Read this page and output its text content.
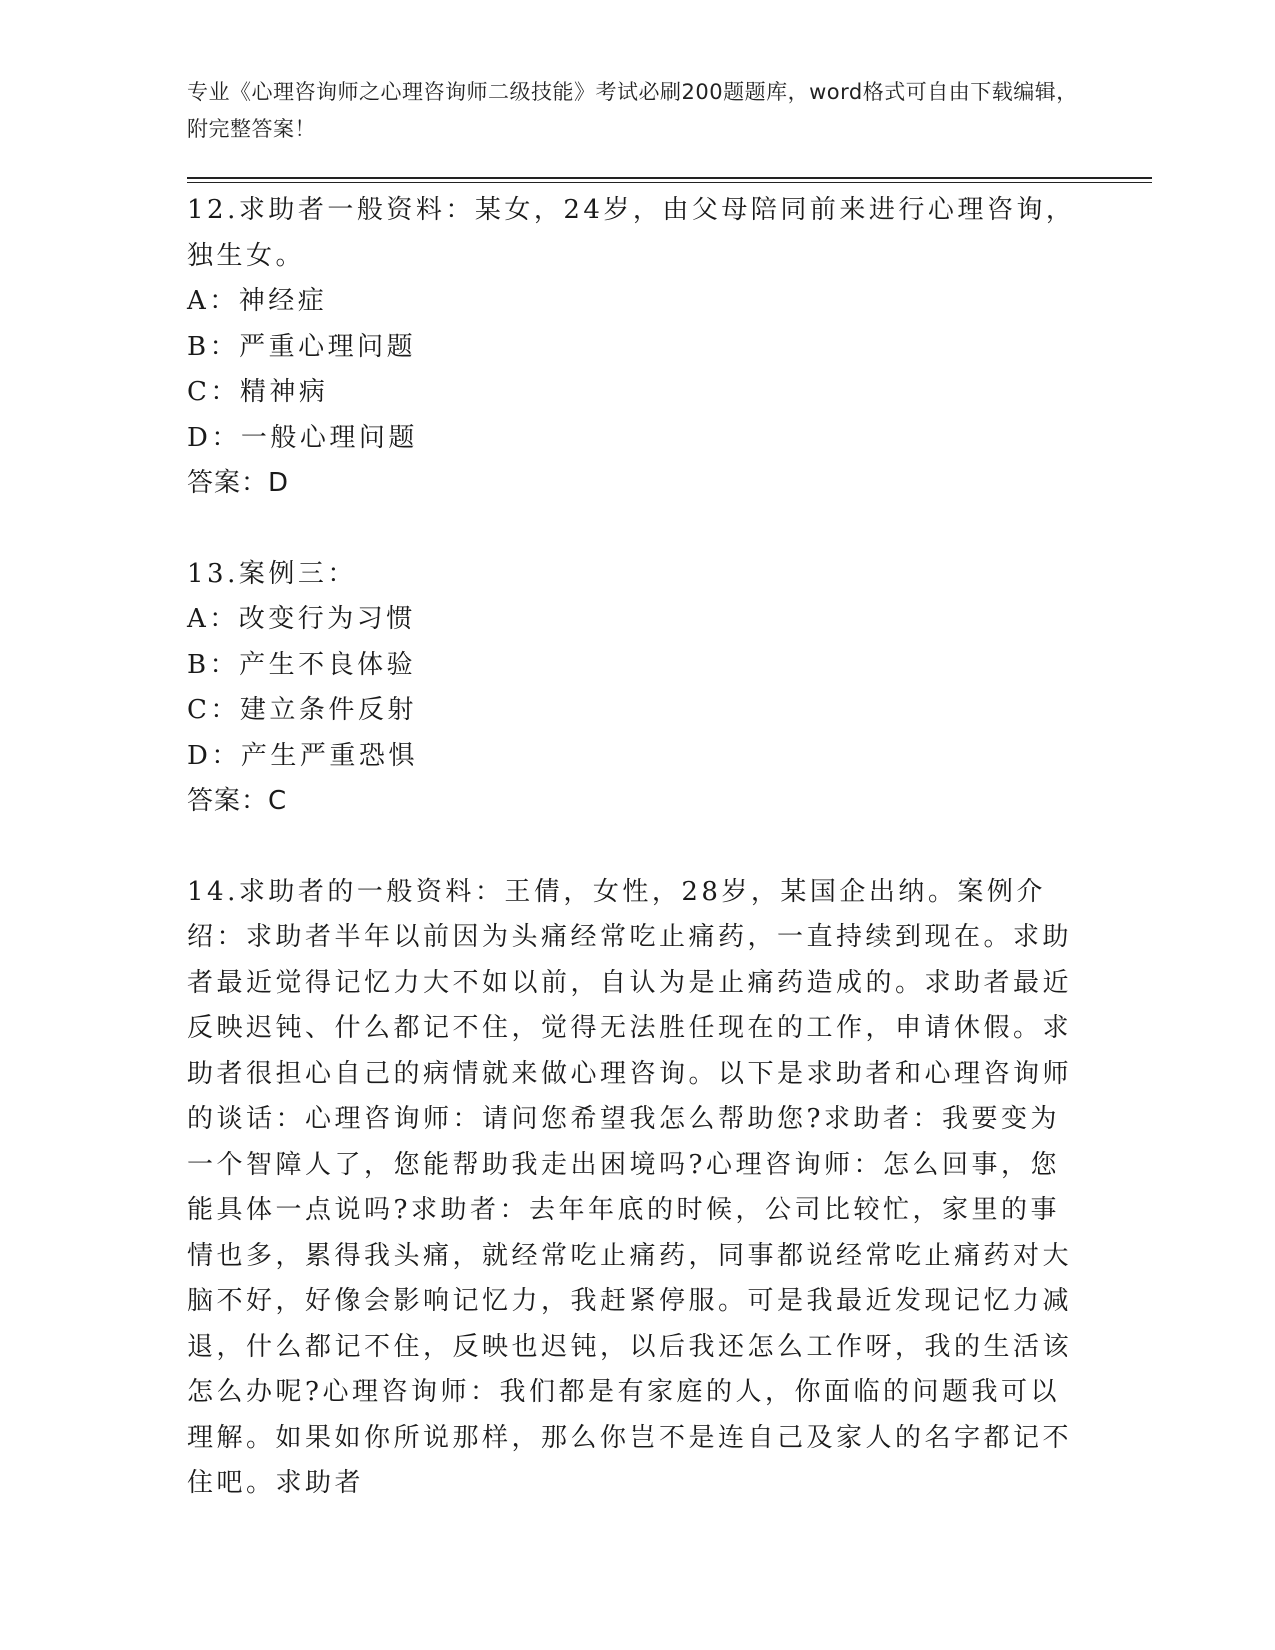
专业《心理咨询师之心理咨询师二级技能》考试必刷200题题库，word格式可自由下载编辑，附完整答案！

12.求助者一般资料：某女，24岁，由父母陪同前来进行心理咨询，独生女。

A：神经症

B：严重心理问题

C：精神病

D：一般心理问题

答案：D

13.案例三：

A：改变行为习惯

B：产生不良体验

C：建立条件反射

D：产生严重恐惧

答案：C

14.求助者的一般资料：王倩，女性，28岁，某国企出纳。案例介绍：求助者半年以前因为头痛经常吃止痛药，一直持续到现在。求助者最近觉得记忆力大不如以前，自认为是止痛药造成的。求助者最近反映迟钝、什么都记不住，觉得无法胜任现在的工作，申请休假。求助者很担心自己的病情就来做心理咨询。以下是求助者和心理咨询师的谈话：心理咨询师：请问您希望我怎么帮助您?求助者：我要变为一个智障人了，您能帮助我走出困境吗?心理咨询师：怎么回事，您能具体一点说吗?求助者：去年年底的时候，公司比较忙，家里的事情也多，累得我头痛，就经常吃止痛药，同事都说经常吃止痛药对大脑不好，好像会影响记忆力，我赶紧停服。可是我最近发现记忆力减退，什么都记不住，反映也迟钝，以后我还怎么工作呀，我的生活该怎么办呢?心理咨询师：我们都是有家庭的人，你面临的问题我可以理解。如果如你所说那样，那么你岂不是连自己及家人的名字都记不住吧。求助者
